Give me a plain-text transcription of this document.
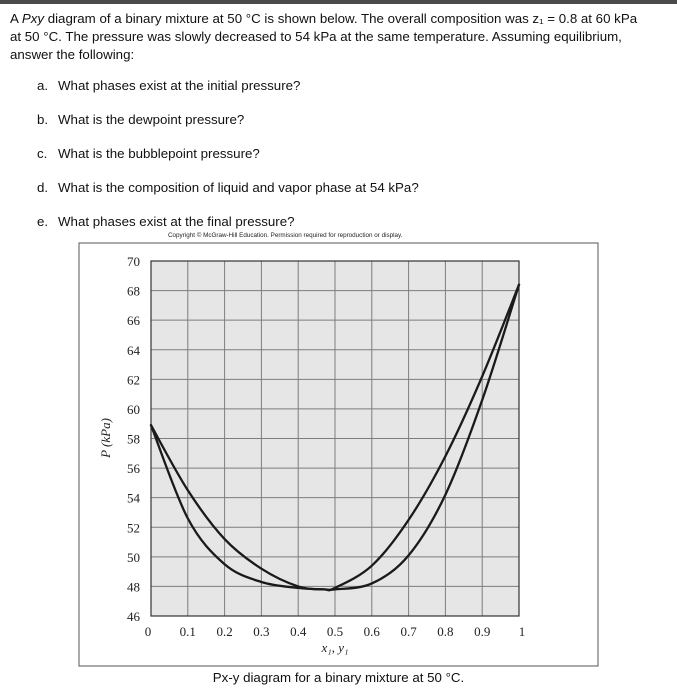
A Pxy diagram of a binary mixture at 50 °C is shown below. The overall composition was z₁ = 0.8 at 60 kPa at 50 °C. The pressure was slowly decreased to 54 kPa at the same temperature. Assuming equilibrium, answer the following:
a. What phases exist at the initial pressure?
b. What is the dewpoint pressure?
c. What is the bubblepoint pressure?
d. What is the composition of liquid and vapor phase at 54 kPa?
e. What phases exist at the final pressure?
Copyright © McGraw-Hill Education. Permission required for reproduction or display.
46
48
50
52
54
56
58
60
62
64
66
68
70
0 0.1 0.2 0.3 0.4 0.5 0.6 0.7 0.8 0.9 1
x₁, y₁
P (kPa)
Px-y diagram for a binary mixture at 50 °C.
